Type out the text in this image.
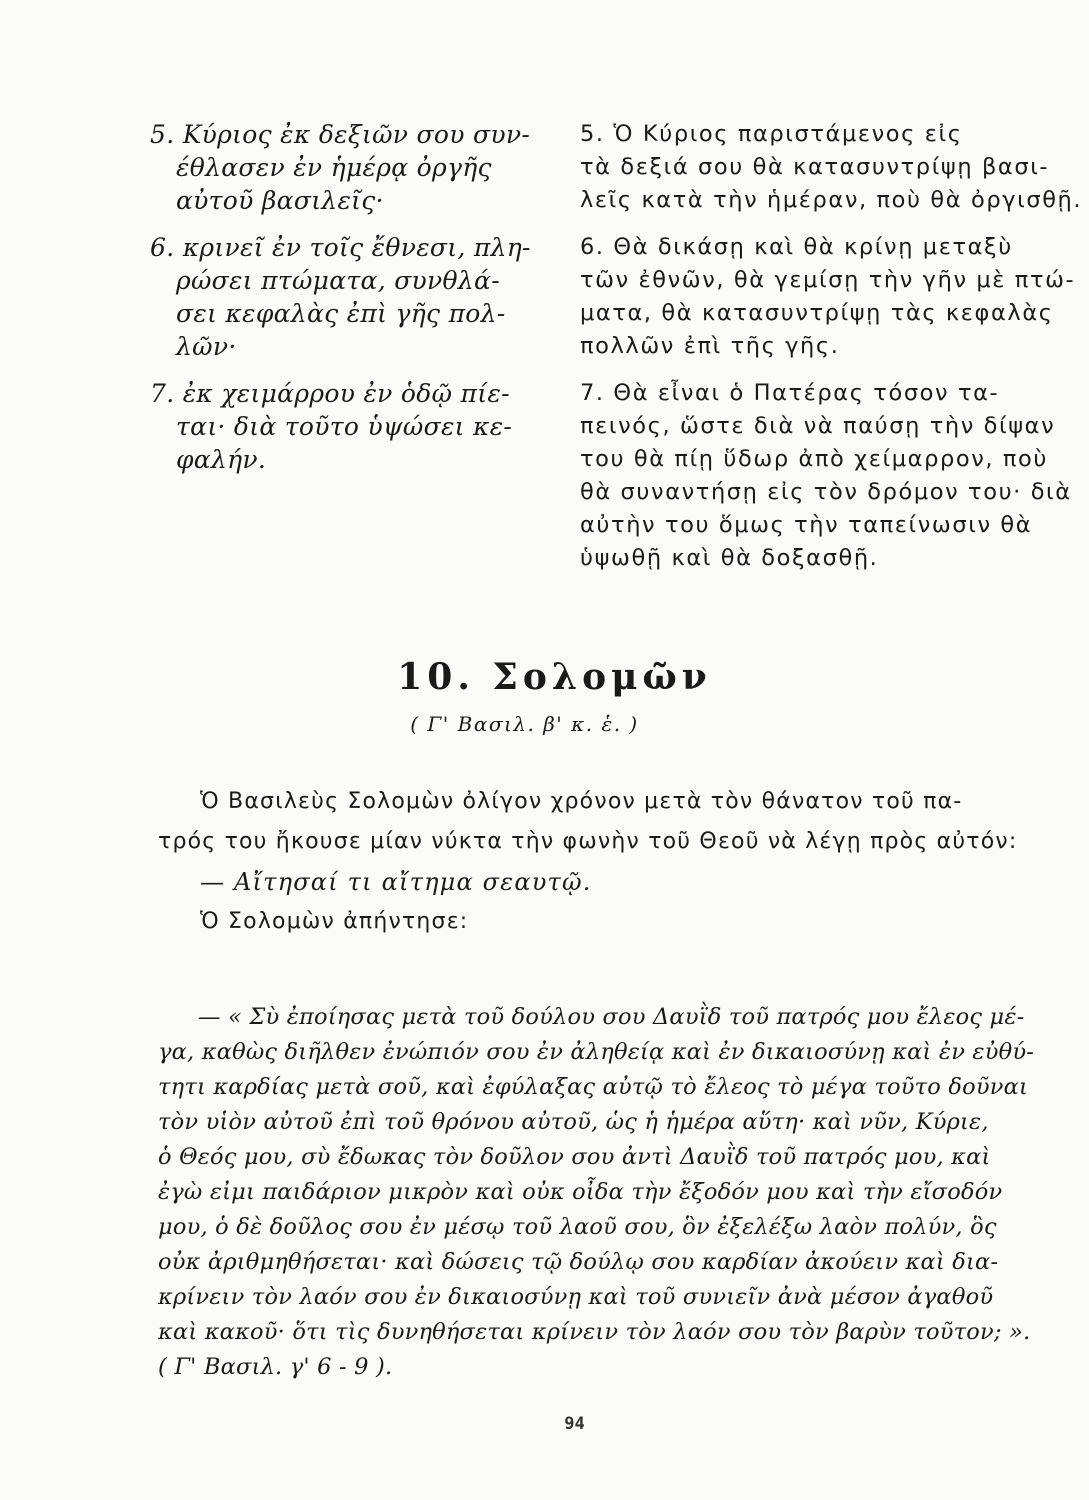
5. Κύριος ἐκ δεξιῶν σου συν-
έθλασεν ἐν ἡμέρᾳ ὀργῆς
αὐτοῦ βασιλεῖς·
5. Ὁ Κύριος παριστάμενος εἰς
τὰ δεξιά σου θὰ κατασυντρίψῃ βασι-
λεῖς κατὰ τὴν ἡμέραν, ποὺ θὰ ὀργισθῇ.
6. κρινεῖ ἐν τοῖς ἔθνεσι, πλη-
ρώσει πτώματα, συνθλά-
σει κεφαλὰς ἐπὶ γῆς πολ-
λῶν·
6. Θὰ δικάσῃ καὶ θὰ κρίνῃ μεταξὺ
τῶν ἐθνῶν, θὰ γεμίσῃ τὴν γῆν μὲ πτώ-
ματα, θὰ κατασυντρίψῃ τὰς κεφαλὰς
πολλῶν ἐπὶ τῆς γῆς.
7. ἐκ χειμάρρου ἐν ὁδῷ πίε-
ται· διὰ τοῦτο ὑψώσει κε-
φαλήν.
7. Θὰ εἶναι ὁ Πατέρας τόσον τα-
πεινός, ὥστε διὰ νὰ παύσῃ τὴν δίψαν
του θὰ πίῃ ὕδωρ ἀπὸ χείμαρρον, ποὺ
θὰ συναντήσῃ εἰς τὸν δρόμον του· διὰ
αὐτὴν του ὅμως τὴν ταπείνωσιν θὰ
ὑψωθῇ καὶ θὰ δοξασθῇ.
10. Σολομῶν
( Γ' Βασιλ. β' κ. ἑ. )
Ὁ Βασιλεὺς Σολομὼν ὀλίγον χρόνον μετὰ τὸν θάνατον τοῦ πα-
τρός του ἤκουσε μίαν νύκτα τὴν φωνὴν τοῦ Θεοῦ νὰ λέγῃ πρὸς αὐτόν:
— Αἴτησαί τι αἴτημα σεαυτῷ.
Ὁ Σολομὼν ἀπήντησε:
— « Σὺ ἐποίησας μετὰ τοῦ δούλου σου Δαυῒδ τοῦ πατρός μου ἔλεος μέ-
γα, καθὼς διῆλθεν ἐνώπιόν σου ἐν ἀληθείᾳ καὶ ἐν δικαιοσύνῃ καὶ ἐν εὐθύ-
τητι καρδίας μετὰ σοῦ, καὶ ἐφύλαξας αὐτῷ τὸ ἔλεος τὸ μέγα τοῦτο δοῦναι
τὸν υἱὸν αὐτοῦ ἐπὶ τοῦ θρόνου αὐτοῦ, ὡς ἡ ἡμέρα αὕτη· καὶ νῦν, Κύριε,
ὁ Θεός μου, σὺ ἔδωκας τὸν δοῦλον σου ἀντὶ Δαυῒδ τοῦ πατρός μου, καὶ
ἐγὼ εἰμι παιδάριον μικρὸν καὶ οὐκ οἶδα τὴν ἔξοδόν μου καὶ τὴν εἴσοδόν
μου, ὁ δὲ δοῦλος σου ἐν μέσῳ τοῦ λαοῦ σου, ὃν ἐξελέξω λαὸν πολύν, ὃς
οὐκ ἀριθμηθήσεται· καὶ δώσεις τῷ δούλῳ σου καρδίαν ἀκούειν καὶ δια-
κρίνειν τὸν λαόν σου ἐν δικαιοσύνῃ καὶ τοῦ συνιεῖν ἀνὰ μέσον ἀγαθοῦ
καὶ κακοῦ· ὅτι τὶς δυνηθήσεται κρίνειν τὸν λαόν σου τὸν βαρὺν τοῦτον; ».
( Γ' Βασιλ. γ' 6 - 9 ).
94
